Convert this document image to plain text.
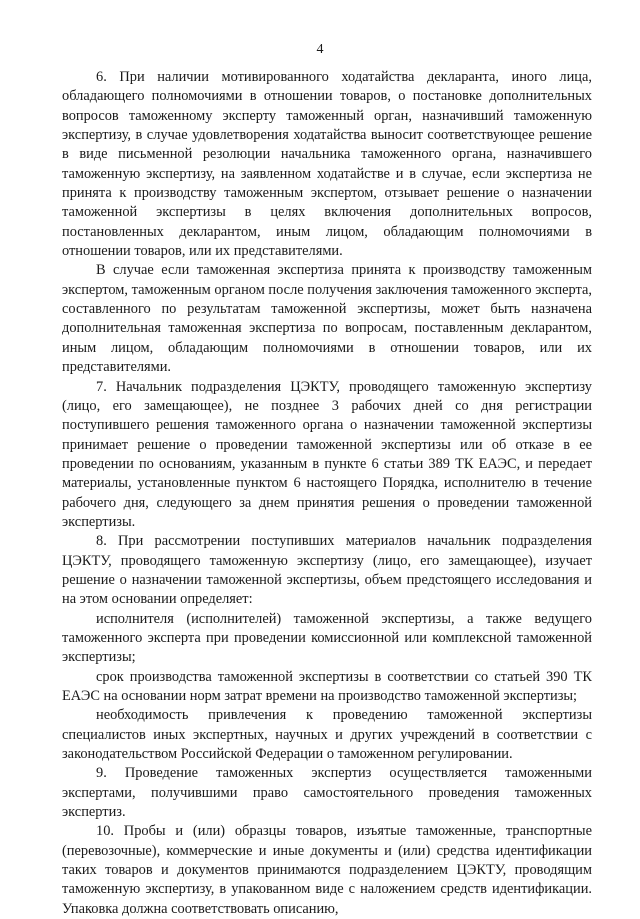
4

6. При наличии мотивированного ходатайства декларанта, иного лица, обладающего полномочиями в отношении товаров, о постановке дополнительных вопросов таможенному эксперту таможенный орган, назначивший таможенную экспертизу, в случае удовлетворения ходатайства выносит соответствующее решение в виде письменной резолюции начальника таможенного органа, назначившего таможенную экспертизу, на заявленном ходатайстве и в случае, если экспертиза не принята к производству таможенным экспертом, отзывает решение о назначении таможенной экспертизы в целях включения дополнительных вопросов, постановленных декларантом, иным лицом, обладающим полномочиями в отношении товаров, или их представителями.

В случае если таможенная экспертиза принята к производству таможенным экспертом, таможенным органом после получения заключения таможенного эксперта, составленного по результатам таможенной экспертизы, может быть назначена дополнительная таможенная экспертиза по вопросам, поставленным декларантом, иным лицом, обладающим полномочиями в отношении товаров, или их представителями.

7. Начальник подразделения ЦЭКТУ, проводящего таможенную экспертизу (лицо, его замещающее), не позднее 3 рабочих дней со дня регистрации поступившего решения таможенного органа о назначении таможенной экспертизы принимает решение о проведении таможенной экспертизы или об отказе в ее проведении по основаниям, указанным в пункте 6 статьи 389 ТК ЕАЭС, и передает материалы, установленные пунктом 6 настоящего Порядка, исполнителю в течение рабочего дня, следующего за днем принятия решения о проведении таможенной экспертизы.

8. При рассмотрении поступивших материалов начальник подразделения ЦЭКТУ, проводящего таможенную экспертизу (лицо, его замещающее), изучает решение о назначении таможенной экспертизы, объем предстоящего исследования и на этом основании определяет:

исполнителя (исполнителей) таможенной экспертизы, а также ведущего таможенного эксперта при проведении комиссионной или комплексной таможенной экспертизы;

срок производства таможенной экспертизы в соответствии со статьей 390 ТК ЕАЭС на основании норм затрат времени на производство таможенной экспертизы;

необходимость привлечения к проведению таможенной экспертизы специалистов иных экспертных, научных и других учреждений в соответствии с законодательством Российской Федерации о таможенном регулировании.

9. Проведение таможенных экспертиз осуществляется таможенными экспертами, получившими право самостоятельного проведения таможенных экспертиз.

10. Пробы и (или) образцы товаров, изъятые таможенные, транспортные (перевозочные), коммерческие и иные документы и (или) средства идентификации таких товаров и документов принимаются подразделением ЦЭКТУ, проводящим таможенную экспертизу, в упакованном виде с наложением средств идентификации. Упаковка должна соответствовать описанию,
